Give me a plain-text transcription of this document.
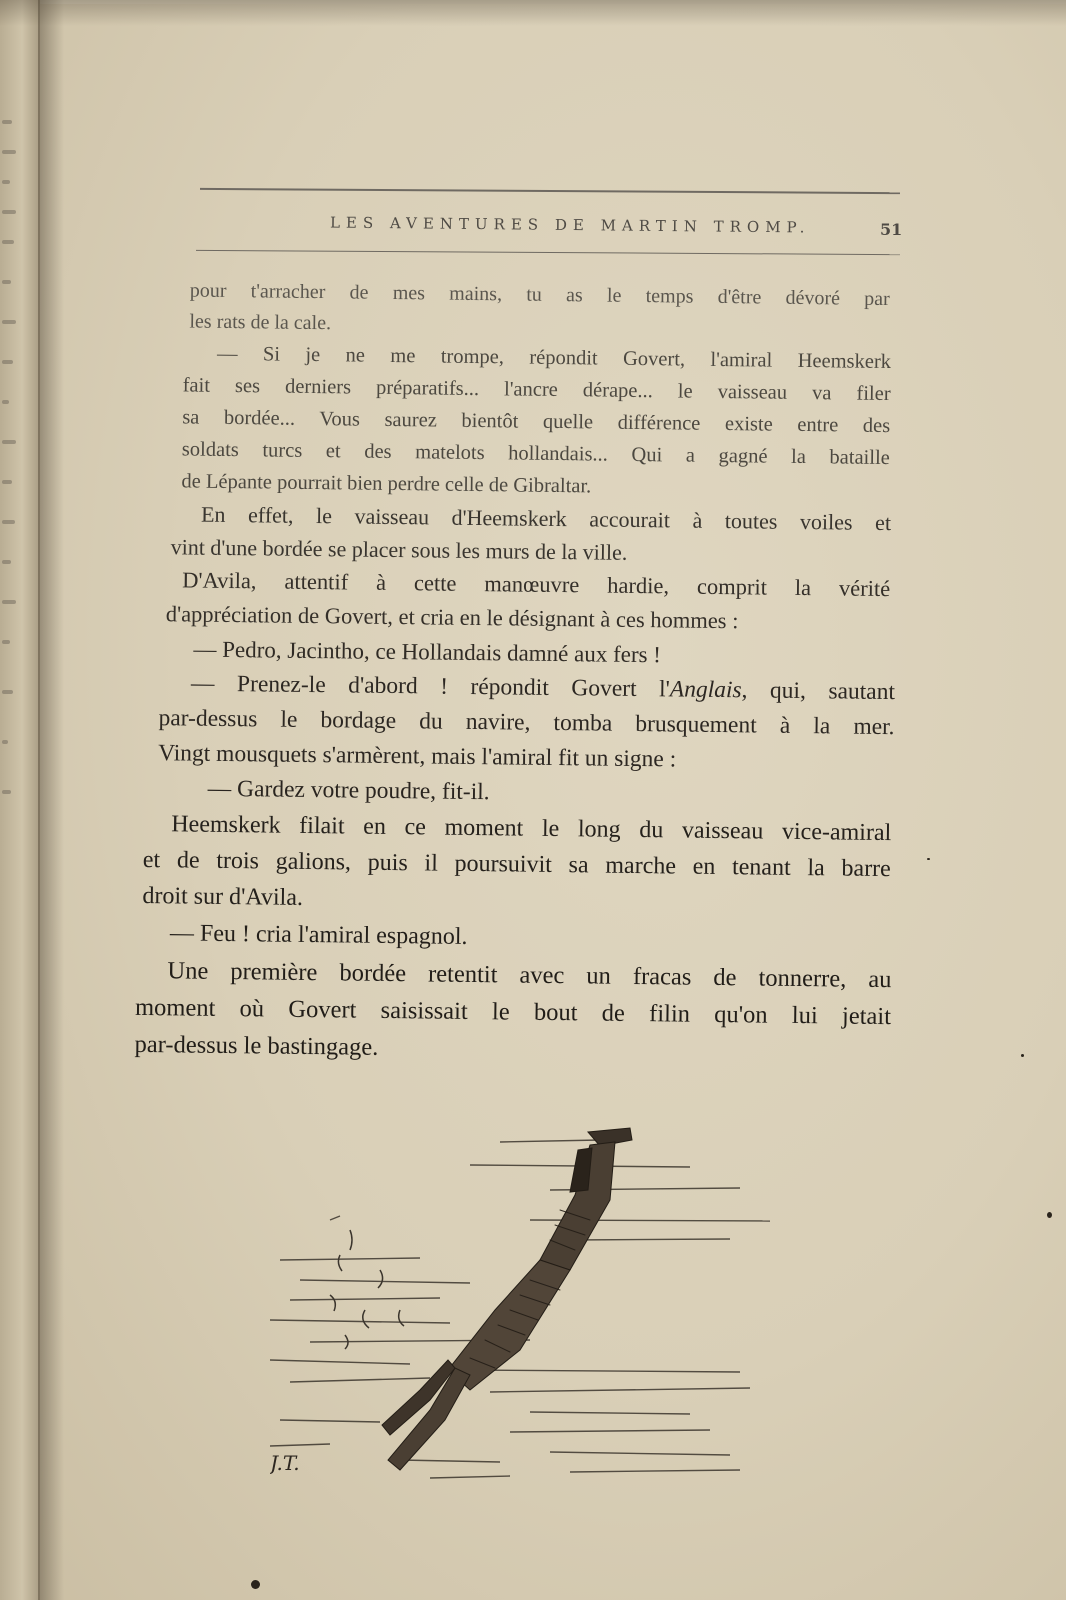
LES AVENTURES DE MARTIN TROMP.	51
pour t'arracher de mes mains, tu as le temps d'être dévoré par
les rats de la cale.
— Si je ne me trompe, répondit Govert, l'amiral Heemskerk
fait ses derniers préparatifs... l'ancre dérape... le vaisseau va filer
sa bordée... Vous saurez bientôt quelle différence existe entre des
soldats turcs et des matelots hollandais... Qui a gagné la bataille
de Lépante pourrait bien perdre celle de Gibraltar.
En effet, le vaisseau d'Heemskerk accourait à toutes voiles et
vint d'une bordée se placer sous les murs de la ville.
D'Avila, attentif à cette manœuvre hardie, comprit la vérité
d'appréciation de Govert, et cria en le désignant à ces hommes :
— Pedro, Jacintho, ce Hollandais damné aux fers !
— Prenez-le d'abord ! répondit Govert l'Anglais, qui, sautant
par-dessus le bordage du navire, tomba brusquement à la mer.
Vingt mousquets s'armèrent, mais l'amiral fit un signe :
— Gardez votre poudre, fit-il.
Heemskerk filait en ce moment le long du vaisseau vice-amiral
et de trois galions, puis il poursuivit sa marche en tenant la barre
droit sur d'Avila.
— Feu ! cria l'amiral espagnol.
Une première bordée retentit avec un fracas de tonnerre, au
moment où Govert saisissait le bout de filin qu'on lui jetait
par-dessus le bastingage.
J.T.
